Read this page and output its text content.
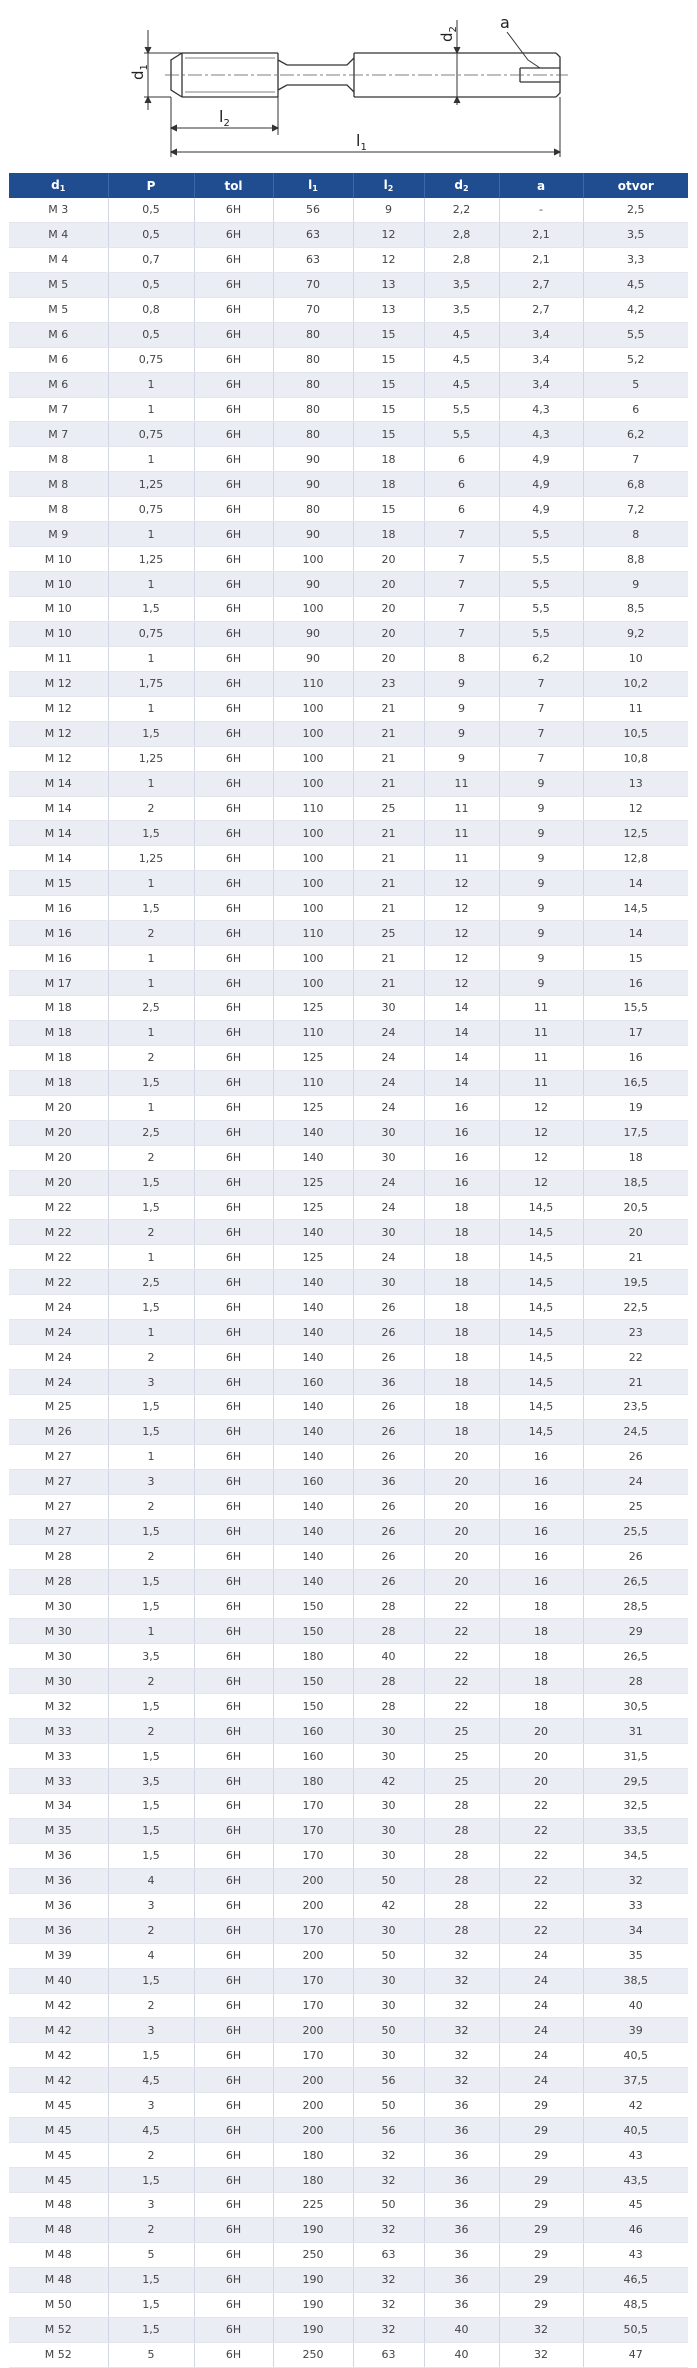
$d_1$
$d_2$	a
$l_2$
$l_1$
$d_1$	P	tol	$l_1$	$l_2$	$d_2$	a	otvor
M 3	0,5	6H	56	9	2,2	-	2,5
M 4	0,5	6H	63	12	2,8	2,1	3,5
M 4	0,7	6H	63	12	2,8	2,1	3,3
M 5	0,5	6H	70	13	3,5	2,7	4,5
M 5	0,8	6H	70	13	3,5	2,7	4,2
M 6	0,5	6H	80	15	4,5	3,4	5,5
M 6	0,75	6H	80	15	4,5	3,4	5,2
M 6	1	6H	80	15	4,5	3,4	5
M 7	1	6H	80	15	5,5	4,3	6
M 7	0,75	6H	80	15	5,5	4,3	6,2
M 8	1	6H	90	18	6	4,9	7
M 8	1,25	6H	90	18	6	4,9	6,8
M 8	0,75	6H	80	15	6	4,9	7,2
M 9	1	6H	90	18	7	5,5	8
M 10	1,25	6H	100	20	7	5,5	8,8
M 10	1	6H	90	20	7	5,5	9
M 10	1,5	6H	100	20	7	5,5	8,5
M 10	0,75	6H	90	20	7	5,5	9,2
M 11	1	6H	90	20	8	6,2	10
M 12	1,75	6H	110	23	9	7	10,2
M 12	1	6H	100	21	9	7	11
M 12	1,5	6H	100	21	9	7	10,5
M 12	1,25	6H	100	21	9	7	10,8
M 14	1	6H	100	21	11	9	13
M 14	2	6H	110	25	11	9	12
M 14	1,5	6H	100	21	11	9	12,5
M 14	1,25	6H	100	21	11	9	12,8
M 15	1	6H	100	21	12	9	14
M 16	1,5	6H	100	21	12	9	14,5
M 16	2	6H	110	25	12	9	14
M 16	1	6H	100	21	12	9	15
M 17	1	6H	100	21	12	9	16
M 18	2,5	6H	125	30	14	11	15,5
M 18	1	6H	110	24	14	11	17
M 18	2	6H	125	24	14	11	16
M 18	1,5	6H	110	24	14	11	16,5
M 20	1	6H	125	24	16	12	19
M 20	2,5	6H	140	30	16	12	17,5
M 20	2	6H	140	30	16	12	18
M 20	1,5	6H	125	24	16	12	18,5
M 22	1,5	6H	125	24	18	14,5	20,5
M 22	2	6H	140	30	18	14,5	20
M 22	1	6H	125	24	18	14,5	21
M 22	2,5	6H	140	30	18	14,5	19,5
M 24	1,5	6H	140	26	18	14,5	22,5
M 24	1	6H	140	26	18	14,5	23
M 24	2	6H	140	26	18	14,5	22
M 24	3	6H	160	36	18	14,5	21
M 25	1,5	6H	140	26	18	14,5	23,5
M 26	1,5	6H	140	26	18	14,5	24,5
M 27	1	6H	140	26	20	16	26
M 27	3	6H	160	36	20	16	24
M 27	2	6H	140	26	20	16	25
M 27	1,5	6H	140	26	20	16	25,5
M 28	2	6H	140	26	20	16	26
M 28	1,5	6H	140	26	20	16	26,5
M 30	1,5	6H	150	28	22	18	28,5
M 30	1	6H	150	28	22	18	29
M 30	3,5	6H	180	40	22	18	26,5
M 30	2	6H	150	28	22	18	28
M 32	1,5	6H	150	28	22	18	30,5
M 33	2	6H	160	30	25	20	31
M 33	1,5	6H	160	30	25	20	31,5
M 33	3,5	6H	180	42	25	20	29,5
M 34	1,5	6H	170	30	28	22	32,5
M 35	1,5	6H	170	30	28	22	33,5
M 36	1,5	6H	170	30	28	22	34,5
M 36	4	6H	200	50	28	22	32
M 36	3	6H	200	42	28	22	33
M 36	2	6H	170	30	28	22	34
M 39	4	6H	200	50	32	24	35
M 40	1,5	6H	170	30	32	24	38,5
M 42	2	6H	170	30	32	24	40
M 42	3	6H	200	50	32	24	39
M 42	1,5	6H	170	30	32	24	40,5
M 42	4,5	6H	200	56	32	24	37,5
M 45	3	6H	200	50	36	29	42
M 45	4,5	6H	200	56	36	29	40,5
M 45	2	6H	180	32	36	29	43
M 45	1,5	6H	180	32	36	29	43,5
M 48	3	6H	225	50	36	29	45
M 48	2	6H	190	32	36	29	46
M 48	5	6H	250	63	36	29	43
M 48	1,5	6H	190	32	36	29	46,5
M 50	1,5	6H	190	32	36	29	48,5
M 52	1,5	6H	190	32	40	32	50,5
M 52	5	6H	250	63	40	32	47
